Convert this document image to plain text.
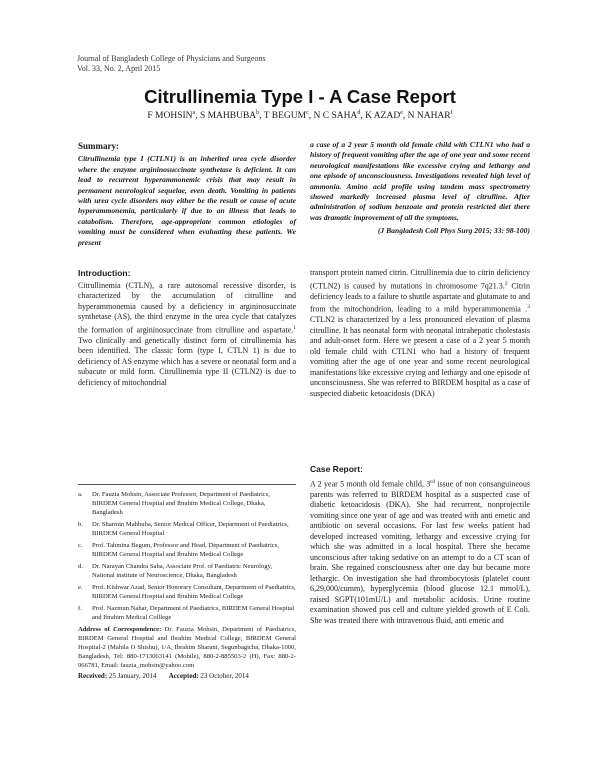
Journal of Bangladesh College of Physicians and Surgeons
Vol. 33, No. 2, April 2015
Citrullinemia Type I - A Case Report
F MOHSIN$^a$, S MAHBUBA$^b$, T BEGUM$^c$, N C SAHA$^d$, K AZAD$^e$, N NAHAR$^f$
Summary:
Citrullinemia type I (CTLN1) is an inherited urea cycle disorder where the enzyme argininosuccinate synthetase is deficient. It can lead to recurrent hyperammonemic crisis that may result in permanent neurological sequelae, even death. Vomiting in patients with urea cycle disorders may either be the result or cause of acute hyperammonemia, particularly if due to an illness that leads to catabolism. Therefore, age-appropriate common etiologies of vomiting must be considered when evaluating these patients. We present
a case of a 2 year 5 month old female child with CTLN1 who had a history of frequent vomiting after the age of one year and some recent neurological manifestations like excessive crying and lethargy and one episode of unconsciousness. Investigations revealed high level of ammonia. Amino acid profile using tandem mass spectrometry showed markedly increased plasma level of citrulline. After administration of sodium benzoate and protein restricted diet there was dramatic improvement of all the symptoms.
(J Bangladesh Coll Phys Surg 2015; 33: 98-100)
Introduction:

Citrullinemia (CTLN), a rare autosomal recessive disorder, is characterized by the accumulation of citrulline and hyperammonemia caused by a deficiency in argininosuccinate synthetase (AS), the third enzyme in the urea cycle that catalyzes the formation of argininosuccinate from citrulline and aspartate.$^1$ Two clinically and genetically distinct form of citrullinemia has been identified. The classic form (type I, CTLN 1) is due to deficiency of AS enzyme which has a severe or neonatal form and a subacute or mild form. Citrullinemia type II (CTLN2) is due to deficiency of mitochondrial

a.	Dr. Fauzia Mohsin, Associate Professor, Department of Paediatrics, BIRDEM General Hospital and Ibrahim Medical College, Dhaka, Bangladesh
b.	Dr. Sharmin Mahbuba, Senior Medical Officer, Department of Paediatrics, BIRDEM General Hospital
c.	Prof. Tahmina Begum, Professor and Head, Department of Paediatrics, BIRDEM General Hospital and Ibrahim Medical College
d.	Dr. Narayan Chandra Saha, Associate Prof. of Paediatric Neurology, National institute of Neuroscience, Dhaka, Bangladesh
e.	Prof. Kishwar Azad, Senior Honorary Consultant, Department of Paediatrics, BIRDEM General Hospital and Ibrahim Medical College
f.	Prof. Nazmun Nahar, Department of Paediatrics, BIRDEM General Hospital and Ibrahim Medical Colllege
Address of Correspondence: Dr. Fauzia Mohsin, Department of Paediatrics, BIRDEM General Hospital and Ibrahim Medical College, BIRDEM General Hospital-2 (Mahila O Shishu), 1/A, Ibrahim Sharani, Segunbagicha, Dhaka-1000, Bangladesh, Tel: 880-1713063141 (Mobile), 880-2-885503-2 (H), Fax: 880-2-966781, Email: fauzia_mohsin@yahoo.com
Received: 25 January, 2014 Accepted: 23 October, 2014

transport protein named citrin. Citrullinemia due to citrin deficiency (CTLN2) is caused by mutations in chromosome 7q21.3.$^2$ Citrin deficiency leads to a failure to shuttle aspartate and glutamate to and from the mitochondrion, leading to a mild hyperammonemia .$^3$ CTLN2 is characterized by a less pronounced elevation of plasma citrulline. It has neonatal form with neonatal intrahepatic cholestasis and adult-onset form. Here we present a case of a 2 year 5 month old female child with CTLN1 who had a history of frequent vomiting after the age of one year and some recent neurological manifestations like excessive crying and lethargy and one episode of unconsciousness. She was referred to BIRDEM hospital as a case of suspected diabetic ketoacidosis (DKA)

Case Report:

A 2 year 5 month old female child, 3rd issue of non consanguineous parents was referred to BIRDEM hospital as a suspected case of diabetic ketoacidosis (DKA). She had recurrent, nonprojectile vomiting since one year of age and was treated with anti emetic and antibiotic on several occasions. For last few weeks patient had developed increased vomiting, lethargy and excessive crying for which she was admitted in a local hospital. There she became unconscious after taking sedative on an attempt to do a CT scan of brain. She regained consciousness after one day but became more lethargic. On investigation she had thrombocytosis (platelet count 6,29,000/cumm), hyperglycemia (blood glucose 12.1 mmol/L), raised SGPT(101mU/L) and metabolic acidosis. Urine routine examination showed pus cell and culture yielded growth of E Coli. She was treated there with intravenous fluid, anti emetic and
